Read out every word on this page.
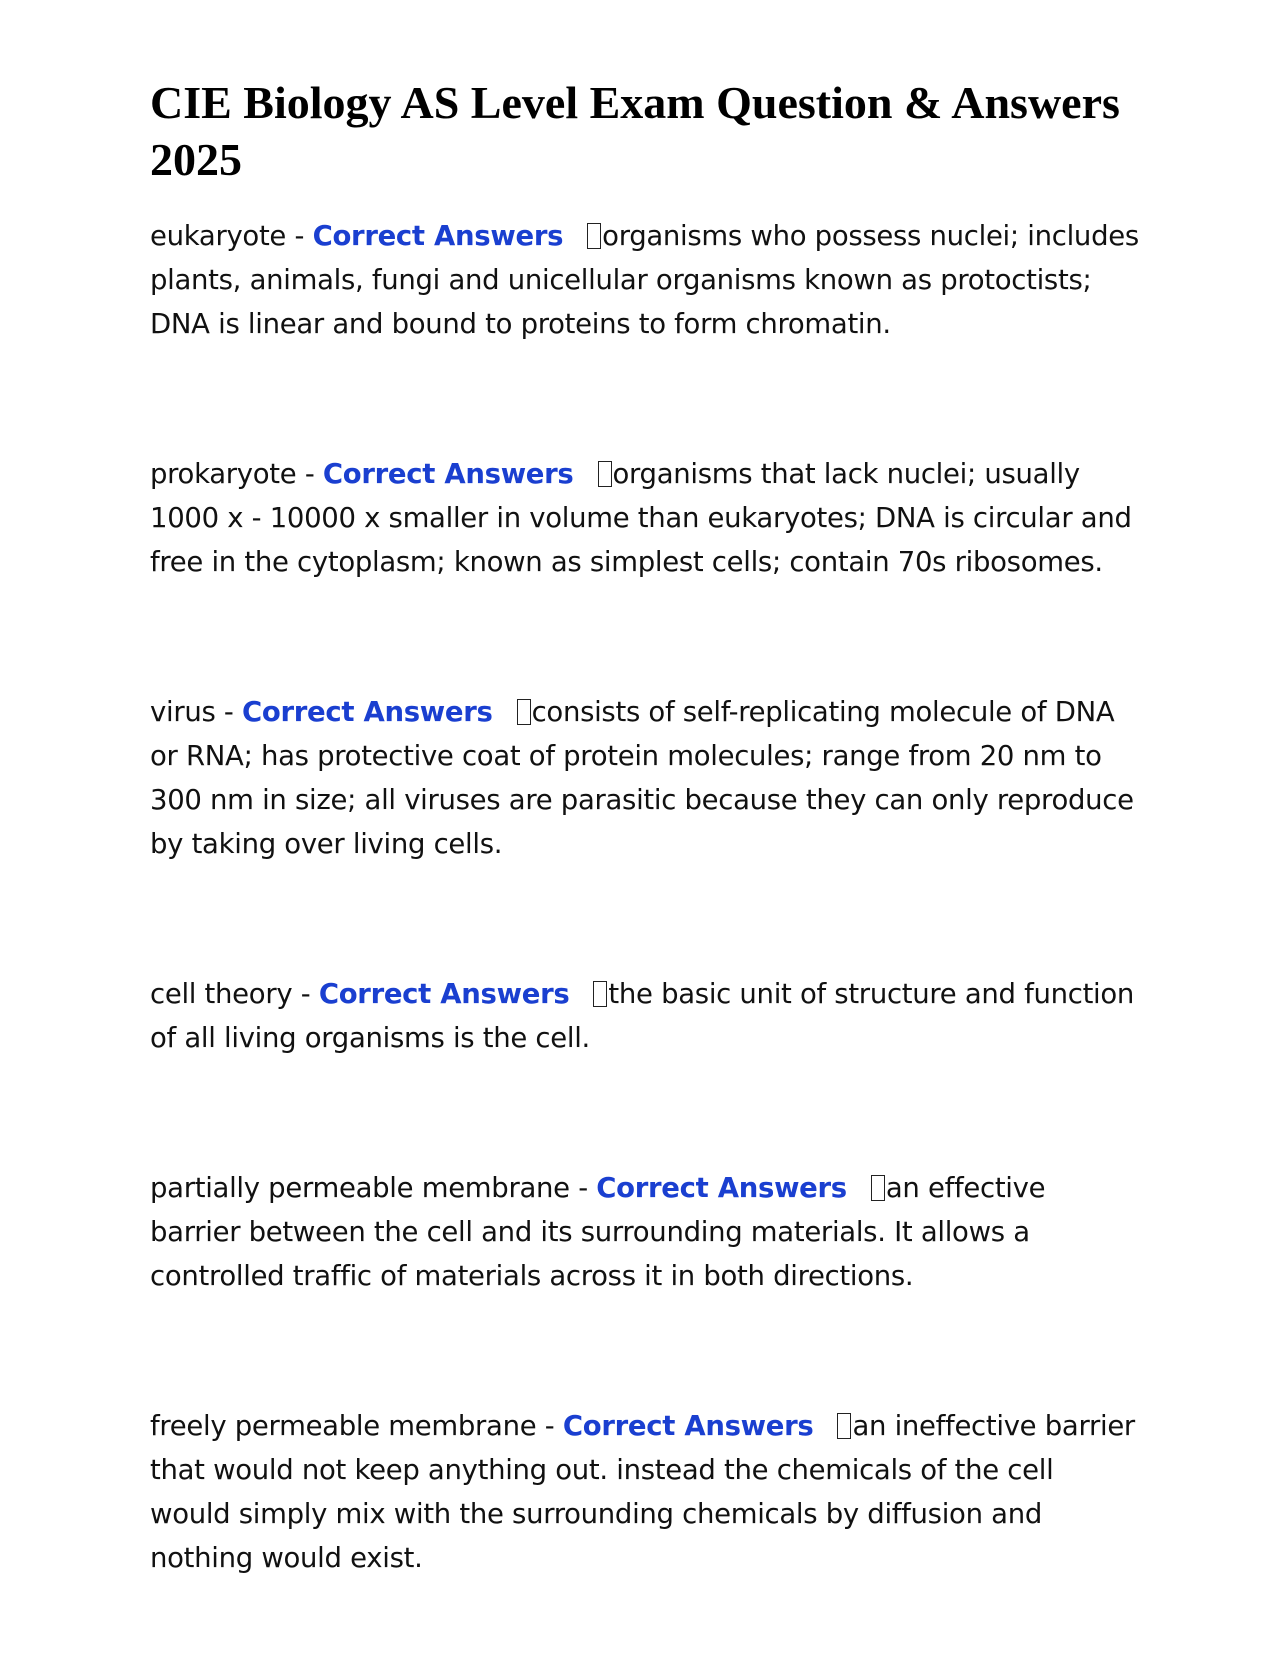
CIE Biology AS Level Exam Question & Answers 2025

eukaryote - Correct Answers organisms who possess nuclei; includes plants, animals, fungi and unicellular organisms known as protoctists; DNA is linear and bound to proteins to form chromatin.

prokaryote - Correct Answers organisms that lack nuclei; usually 1000 x - 10000 x smaller in volume than eukaryotes; DNA is circular and free in the cytoplasm; known as simplest cells; contain 70s ribosomes.

virus - Correct Answers consists of self-replicating molecule of DNA or RNA; has protective coat of protein molecules; range from 20 nm to 300 nm in size; all viruses are parasitic because they can only reproduce by taking over living cells.

cell theory - Correct Answers the basic unit of structure and function of all living organisms is the cell.

partially permeable membrane - Correct Answers an effective barrier between the cell and its surrounding materials. It allows a controlled traffic of materials across it in both directions.

freely permeable membrane - Correct Answers an ineffective barrier that would not keep anything out. instead the chemicals of the cell would simply mix with the surrounding chemicals by diffusion and nothing would exist.
